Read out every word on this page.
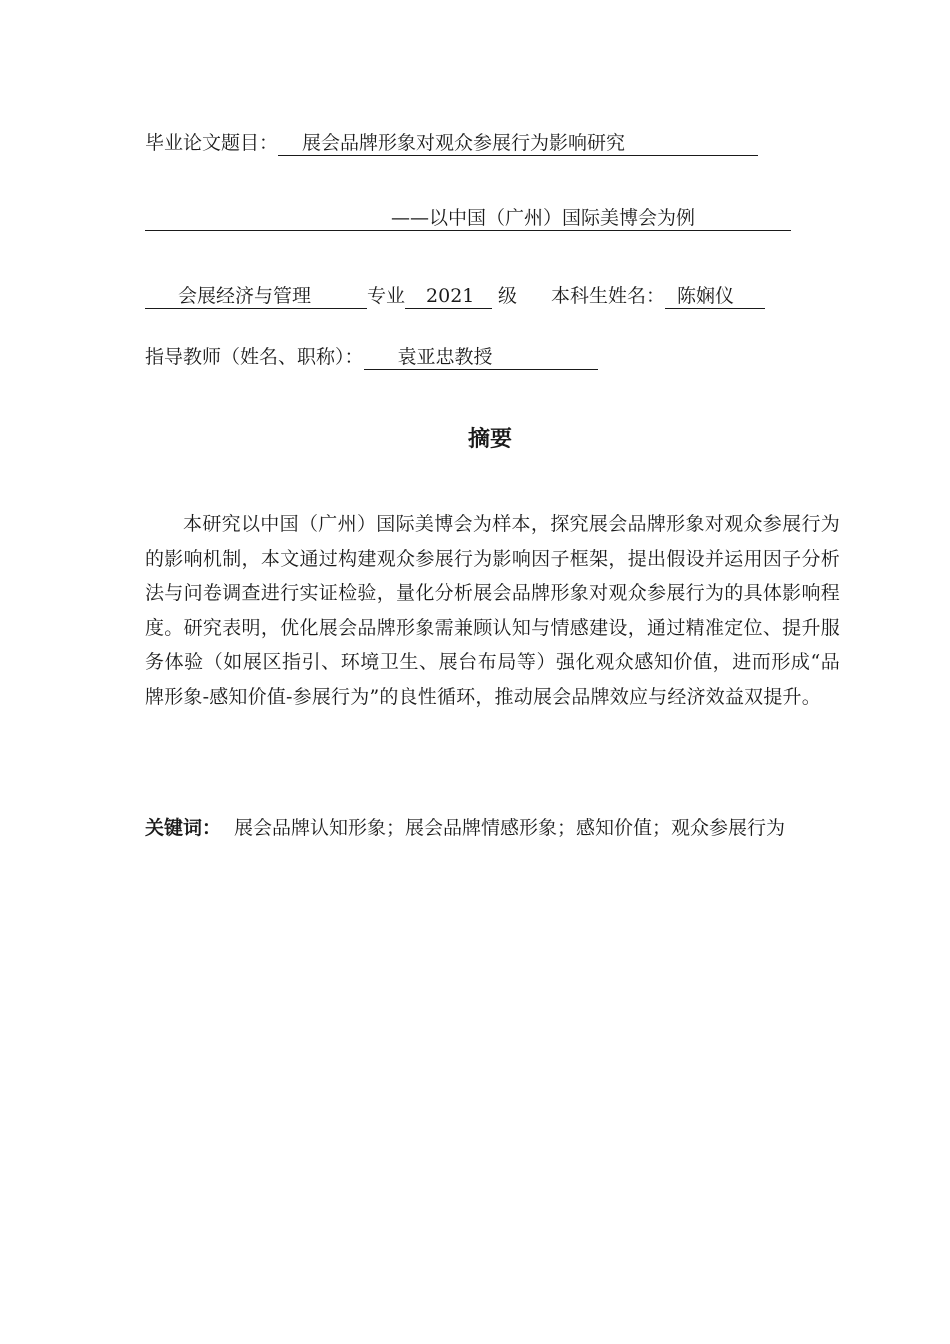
毕业论文题目： 展会品牌形象对观众参展行为影响研究
——以中国（广州）国际美博会为例
会展经济与管理	专业 2021 级 本科生姓名： 陈娴仪
指导教师（姓名、职称）： 袁亚忠教授
摘要
本研究以中国（广州）国际美博会为样本，探究展会品牌形象对观众参展行为的影响机制，本文通过构建观众参展行为影响因子框架，提出假设并运用因子分析法与问卷调查进行实证检验，量化分析展会品牌形象对观众参展行为的具体影响程度。研究表明，优化展会品牌形象需兼顾认知与情感建设，通过精准定位、提升服务体验（如展区指引、环境卫生、展台布局等）强化观众感知价值，进而形成“品牌形象-感知价值-参展行为”的良性循环，推动展会品牌效应与经济效益双提升。
关键词： 展会品牌认知形象；展会品牌情感形象；感知价值；观众参展行为
